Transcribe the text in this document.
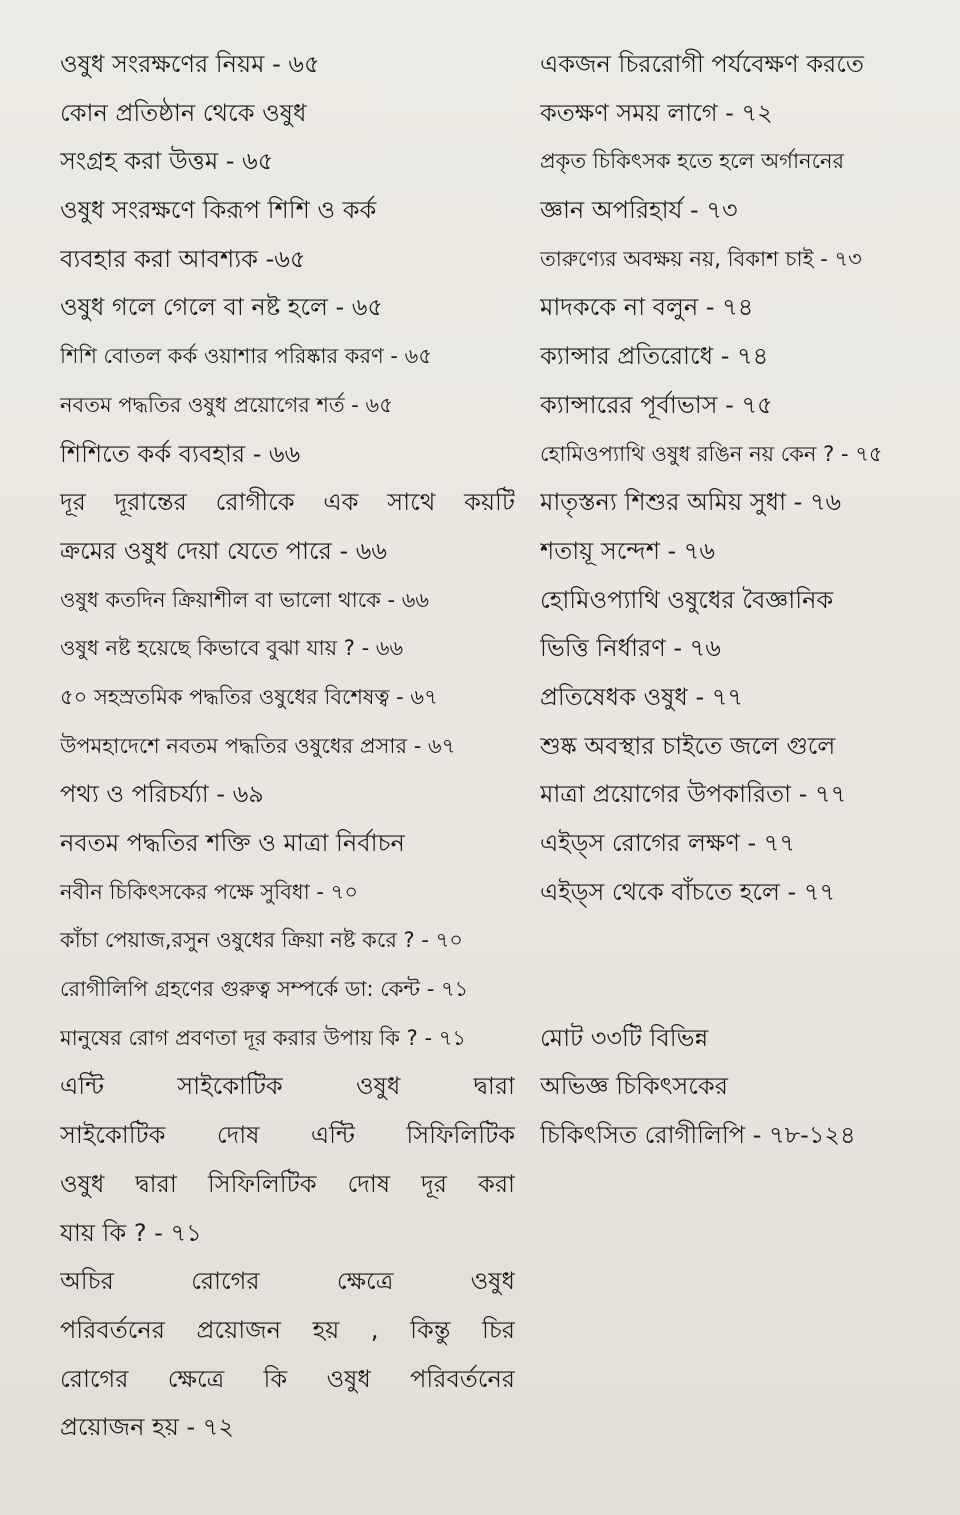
ওষুধ সংরক্ষণের নিয়ম - ৬৫
কোন প্রতিষ্ঠান থেকে ওষুধ
সংগ্রহ করা উত্তম - ৬৫
ওষুধ সংরক্ষণে কিরূপ শিশি ও কর্ক
ব্যবহার করা আবশ্যক -৬৫
ওষুধ গলে গেলে বা নষ্ট হলে - ৬৫
শিশি বোতল কর্ক ওয়াশার পরিষ্কার করণ - ৬৫
নবতম পদ্ধতির ওষুধ প্রয়োগের শর্ত - ৬৫
শিশিতে কর্ক ব্যবহার - ৬৬
দূর দূরান্তের রোগীকে এক সাথে কয়টি
ক্রমের ওষুধ দেয়া যেতে পারে - ৬৬
ওষুধ কতদিন ক্রিয়াশীল বা ভালো থাকে - ৬৬
ওষুধ নষ্ট হয়েছে কিভাবে বুঝা যায় ? - ৬৬
৫০ সহস্রতমিক পদ্ধতির ওষুধের বিশেষত্ব - ৬৭
উপমহাদেশে নবতম পদ্ধতির ওষুধের প্রসার - ৬৭
পথ্য ও পরিচর্য্যা - ৬৯
নবতম পদ্ধতির শক্তি ও মাত্রা নির্বাচন
নবীন চিকিৎসকের পক্ষে সুবিধা - ৭০
কাঁচা পেয়াজ,রসুন ওষুধের ক্রিয়া নষ্ট করে ? - ৭০
রোগীলিপি গ্রহণের গুরুত্ব সম্পর্কে ডা: কেন্ট - ৭১
মানুষের রোগ প্রবণতা দূর করার উপায় কি ? - ৭১
এন্টি সাইকোটিক ওষুধ দ্বারা
সাইকোটিক দোষ এন্টি সিফিলিটিক
ওষুধ দ্বারা সিফিলিটিক দোষ দূর করা
যায় কি ? - ৭১
অচির রোগের ক্ষেত্রে ওষুধ
পরিবর্তনের প্রয়োজন হয় , কিন্তু চির
রোগের ক্ষেত্রে কি ওষুধ পরিবর্তনের
প্রয়োজন হয় - ৭২
একজন চিররোগী পর্যবেক্ষণ করতে
কতক্ষণ সময় লাগে - ৭২
প্রকৃত চিকিৎসক হতে হলে অর্গাননের
জ্ঞান অপরিহার্য - ৭৩
তারুণ্যের অবক্ষয় নয়, বিকাশ চাই - ৭৩
মাদককে না বলুন - ৭৪
ক্যান্সার প্রতিরোধে - ৭৪
ক্যান্সারের পূর্বাভাস - ৭৫
হোমিওপ্যাথি ওষুধ রঙিন নয় কেন ? - ৭৫
মাতৃস্তন্য শিশুর অমিয় সুধা - ৭৬
শতায়ূ সন্দেশ - ৭৬
হোমিওপ্যাথি ওষুধের বৈজ্ঞানিক
ভিত্তি নির্ধারণ - ৭৬
প্রতিষেধক ওষুধ - ৭৭
শুষ্ক অবস্থার চাইতে জলে গুলে
মাত্রা প্রয়োগের উপকারিতা - ৭৭
এইড্স রোগের লক্ষণ - ৭৭
এইড্স থেকে বাঁচতে হলে - ৭৭
মোট ৩৩টি বিভিন্ন
অভিজ্ঞ চিকিৎসকের
চিকিৎসিত রোগীলিপি - ৭৮-১২৪
